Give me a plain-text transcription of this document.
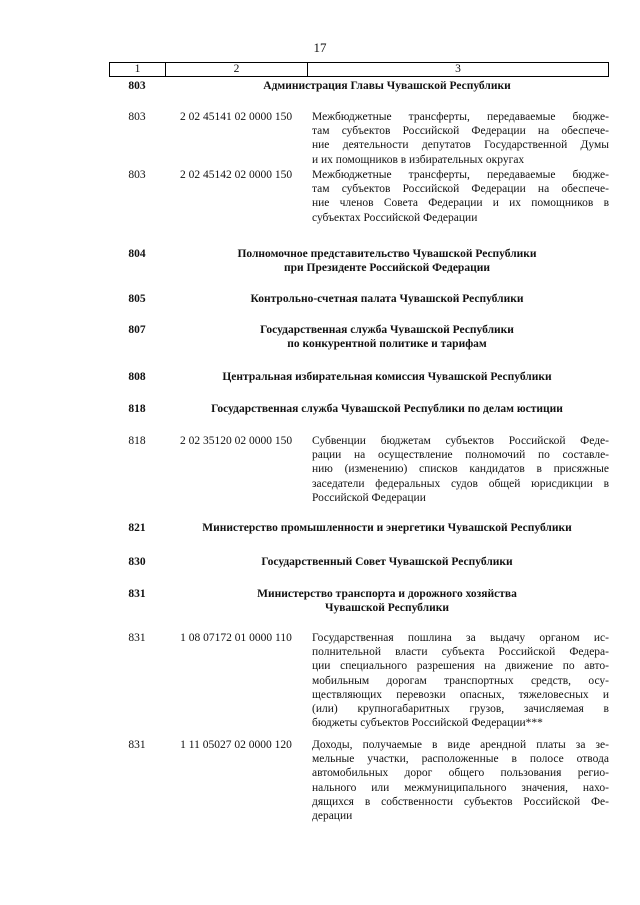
17
1	2	3
803	Администрация Главы Чувашской Республики
803	2 02 45141 02 0000 150	Межбюджетные трансферты, передаваемые бюдже-
там субъектов Российской Федерации на обеспече-
ние деятельности депутатов Государственной Думы
и их помощников в избирательных округах
803	2 02 45142 02 0000 150	Межбюджетные трансферты, передаваемые бюдже-
там субъектов Российской Федерации на обеспече-
ние членов Совета Федерации и их помощников в
субъектах Российской Федерации
804	Полномочное представительство Чувашской Республики
при Президенте Российской Федерации
805	Контрольно-счетная палата Чувашской Республики
807	Государственная служба Чувашской Республики
по конкурентной политике и тарифам
808	Центральная избирательная комиссия Чувашской Республики
818	Государственная служба Чувашской Республики по делам юстиции
818	2 02 35120 02 0000 150	Субвенции бюджетам субъектов Российской Феде-
рации на осуществление полномочий по составле-
нию (изменению) списков кандидатов в присяжные
заседатели федеральных судов общей юрисдикции в
Российской Федерации
821	Министерство промышленности и энергетики Чувашской Республики
830	Государственный Совет Чувашской Республики
831	Министерство транспорта и дорожного хозяйства
Чувашской Республики
831	1 08 07172 01 0000 110	Государственная пошлина за выдачу органом ис-
полнительной власти субъекта Российской Федера-
ции специального разрешения на движение по авто-
мобильным дорогам транспортных средств, осу-
ществляющих перевозки опасных, тяжеловесных и
(или) крупногабаритных грузов, зачисляемая в
бюджеты субъектов Российской Федерации***
831	1 11 05027 02 0000 120	Доходы, получаемые в виде арендной платы за зе-
мельные участки, расположенные в полосе отвода
автомобильных дорог общего пользования регио-
нального или межмуниципального значения, нахо-
дящихся в собственности субъектов Российской Фе-
дерации
